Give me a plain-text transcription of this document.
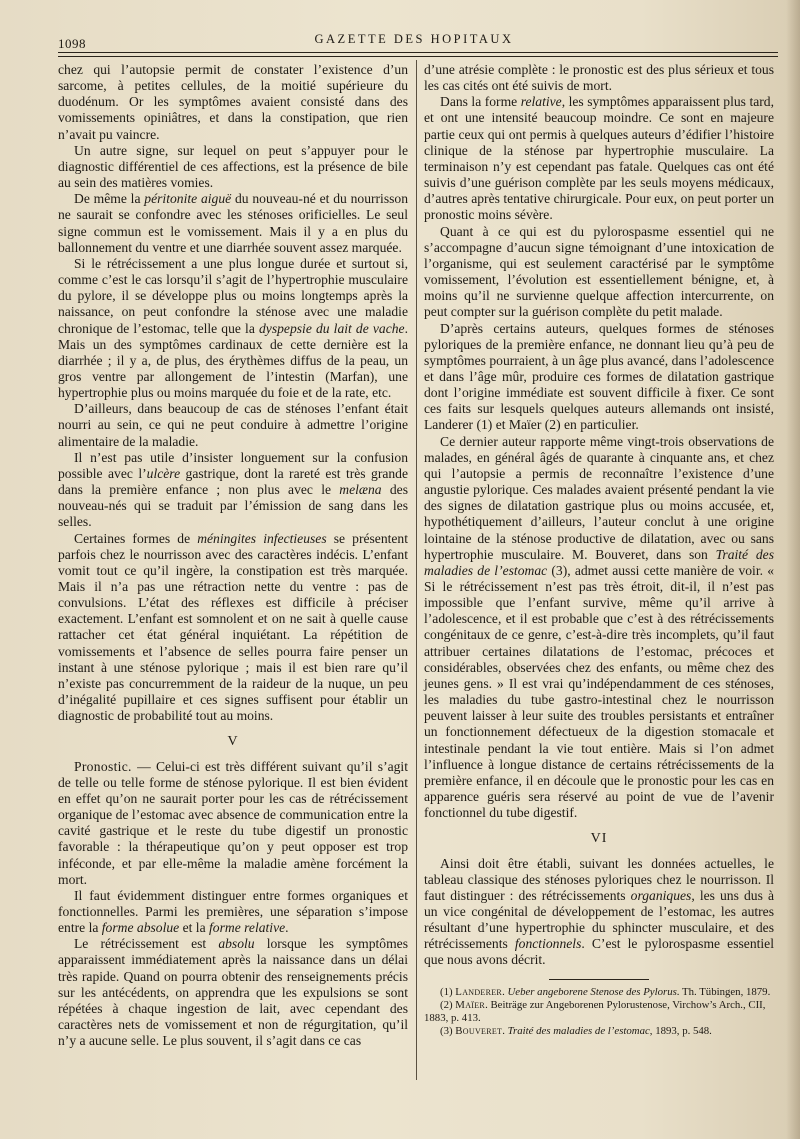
1098	GAZETTE DES HOPITAUX

chez qui l’autopsie permit de constater l’existence d’un sarcome, à petites cellules, de la moitié supérieure du duodénum. Or les symptômes avaient consisté dans des vomissements opiniâtres, et dans la constipation, que rien n’avait pu vaincre.

Un autre signe, sur lequel on peut s’appuyer pour le diagnostic différentiel de ces affections, est la présence de bile au sein des matières vomies.

De même la péritonite aiguë du nouveau-né et du nourrisson ne saurait se confondre avec les sténoses orificielles. Le seul signe commun est le vomissement. Mais il y a en plus du ballonnement du ventre et une diarrhée souvent assez marquée.

Si le rétrécissement a une plus longue durée et surtout si, comme c’est le cas lorsqu’il s’agit de l’hypertrophie musculaire du pylore, il se développe plus ou moins longtemps après la naissance, on peut confondre la sténose avec une maladie chronique de l’estomac, telle que la dyspepsie du lait de vache. Mais un des symptômes cardinaux de cette dernière est la diarrhée ; il y a, de plus, des érythèmes diffus de la peau, un gros ventre par allongement de l’intestin (Marfan), une hypertrophie plus ou moins marquée du foie et de la rate, etc.

D’ailleurs, dans beaucoup de cas de sténoses l’enfant était nourri au sein, ce qui ne peut conduire à admettre l’origine alimentaire de la maladie.

Il n’est pas utile d’insister longuement sur la confusion possible avec l’ulcère gastrique, dont la rareté est très grande dans la première enfance ; non plus avec le melæna des nouveau-nés qui se traduit par l’émission de sang dans les selles.

Certaines formes de méningites infectieuses se présentent parfois chez le nourrisson avec des caractères indécis. L’enfant vomit tout ce qu’il ingère, la constipation est très marquée. Mais il n’a pas une rétraction nette du ventre : pas de convulsions. L’état des réflexes est difficile à préciser exactement. L’enfant est somnolent et on ne sait à quelle cause rattacher cet état général inquiétant. La répétition de vomissements et l’absence de selles pourra faire penser un instant à une sténose pylorique ; mais il est bien rare qu’il n’existe pas concurremment de la raideur de la nuque, un peu d’inégalité pupillaire et ces signes suffisent pour établir un diagnostic de probabilité tout au moins.

V

Pronostic. — Celui-ci est très différent suivant qu’il s’agit de telle ou telle forme de sténose pylorique. Il est bien évident en effet qu’on ne saurait porter pour les cas de rétrécissement organique de l’estomac avec absence de communication entre la cavité gastrique et le reste du tube digestif un pronostic favorable : la thérapeutique qu’on y peut opposer est trop inféconde, et par elle-même la maladie amène forcément la mort.

Il faut évidemment distinguer entre formes organiques et fonctionnelles. Parmi les premières, une séparation s’impose entre la forme absolue et la forme relative.

Le rétrécissement est absolu lorsque les symptômes apparaissent immédiatement après la naissance dans un délai très rapide. Quand on pourra obtenir des renseignements précis sur les antécédents, on apprendra que les expulsions se sont répétées à chaque ingestion de lait, avec cependant des caractères nets de vomissement et non de régurgitation, qu’il n’y a aucune selle. Le plus souvent, il s’agit dans ce cas

d’une atrésie complète : le pronostic est des plus sérieux et tous les cas cités ont été suivis de mort.

Dans la forme relative, les symptômes apparaissent plus tard, et ont une intensité beaucoup moindre. Ce sont en majeure partie ceux qui ont permis à quelques auteurs d’édifier l’histoire clinique de la sténose par hypertrophie musculaire. La terminaison n’y est cependant pas fatale. Quelques cas ont été suivis d’une guérison complète par les seuls moyens médicaux, d’autres après tentative chirurgicale. Pour eux, on peut porter un pronostic moins sévère.

Quant à ce qui est du pylorospasme essentiel qui ne s’accompagne d’aucun signe témoignant d’une intoxication de l’organisme, qui est seulement caractérisé par le symptôme vomissement, l’évolution est essentiellement bénigne, et, à moins qu’il ne survienne quelque affection intercurrente, on peut compter sur la guérison complète du petit malade.

D’après certains auteurs, quelques formes de sténoses pyloriques de la première enfance, ne donnant lieu qu’à peu de symptômes pourraient, à un âge plus avancé, dans l’adolescence et dans l’âge mûr, produire ces formes de dilatation gastrique dont l’origine immédiate est souvent difficile à fixer. Ce sont ces faits sur lesquels quelques auteurs allemands ont insisté, Landerer (1) et Maïer (2) en particulier.

Ce dernier auteur rapporte même vingt-trois observations de malades, en général âgés de quarante à cinquante ans, et chez qui l’autopsie a permis de reconnaître l’existence d’une angustie pylorique. Ces malades avaient présenté pendant la vie des signes de dilatation gastrique plus ou moins accusée, et, hypothétiquement d’ailleurs, l’auteur conclut à une origine lointaine de la sténose productive de dilatation, avec ou sans hypertrophie musculaire. M. Bouveret, dans son Traité des maladies de l’estomac (3), admet aussi cette manière de voir. « Si le rétrécissement n’est pas très étroit, dit-il, il n’est pas impossible que l’enfant survive, même qu’il arrive à l’adolescence, et il est probable que c’est à des rétrécissements congénitaux de ce genre, c’est-à-dire très incomplets, qu’il faut attribuer certaines dilatations de l’estomac, précoces et considérables, observées chez des enfants, ou même chez des jeunes gens. » Il est vrai qu’indépendamment de ces sténoses, les maladies du tube gastro-intestinal chez le nourrisson peuvent laisser à leur suite des troubles persistants et entraîner un fonctionnement défectueux de la digestion stomacale et intestinale pendant la vie tout entière. Mais si l’on admet l’influence à longue distance de certains rétrécissements de la première enfance, il en découle que le pronostic pour les cas en apparence guéris sera réservé au point de vue de l’avenir fonctionnel du tube digestif.

VI

Ainsi doit être établi, suivant les données actuelles, le tableau classique des sténoses pyloriques chez le nourrisson. Il faut distinguer : des rétrécissements organiques, les uns dus à un vice congénital de développement de l’estomac, les autres résultant d’une hypertrophie du sphincter musculaire, et des rétrécissements fonctionnels. C’est le pylorospasme essentiel que nous avons décrit.

(1) Landerer. Ueber angeborene Stenose des Pylorus. Th. Tübingen, 1879.

(2) Maïer. Beiträge zur Angeborenen Pylorustenose, Virchow’s Arch., CII, 1883, p. 413.

(3) Bouveret. Traité des maladies de l’estomac, 1893, p. 548.
